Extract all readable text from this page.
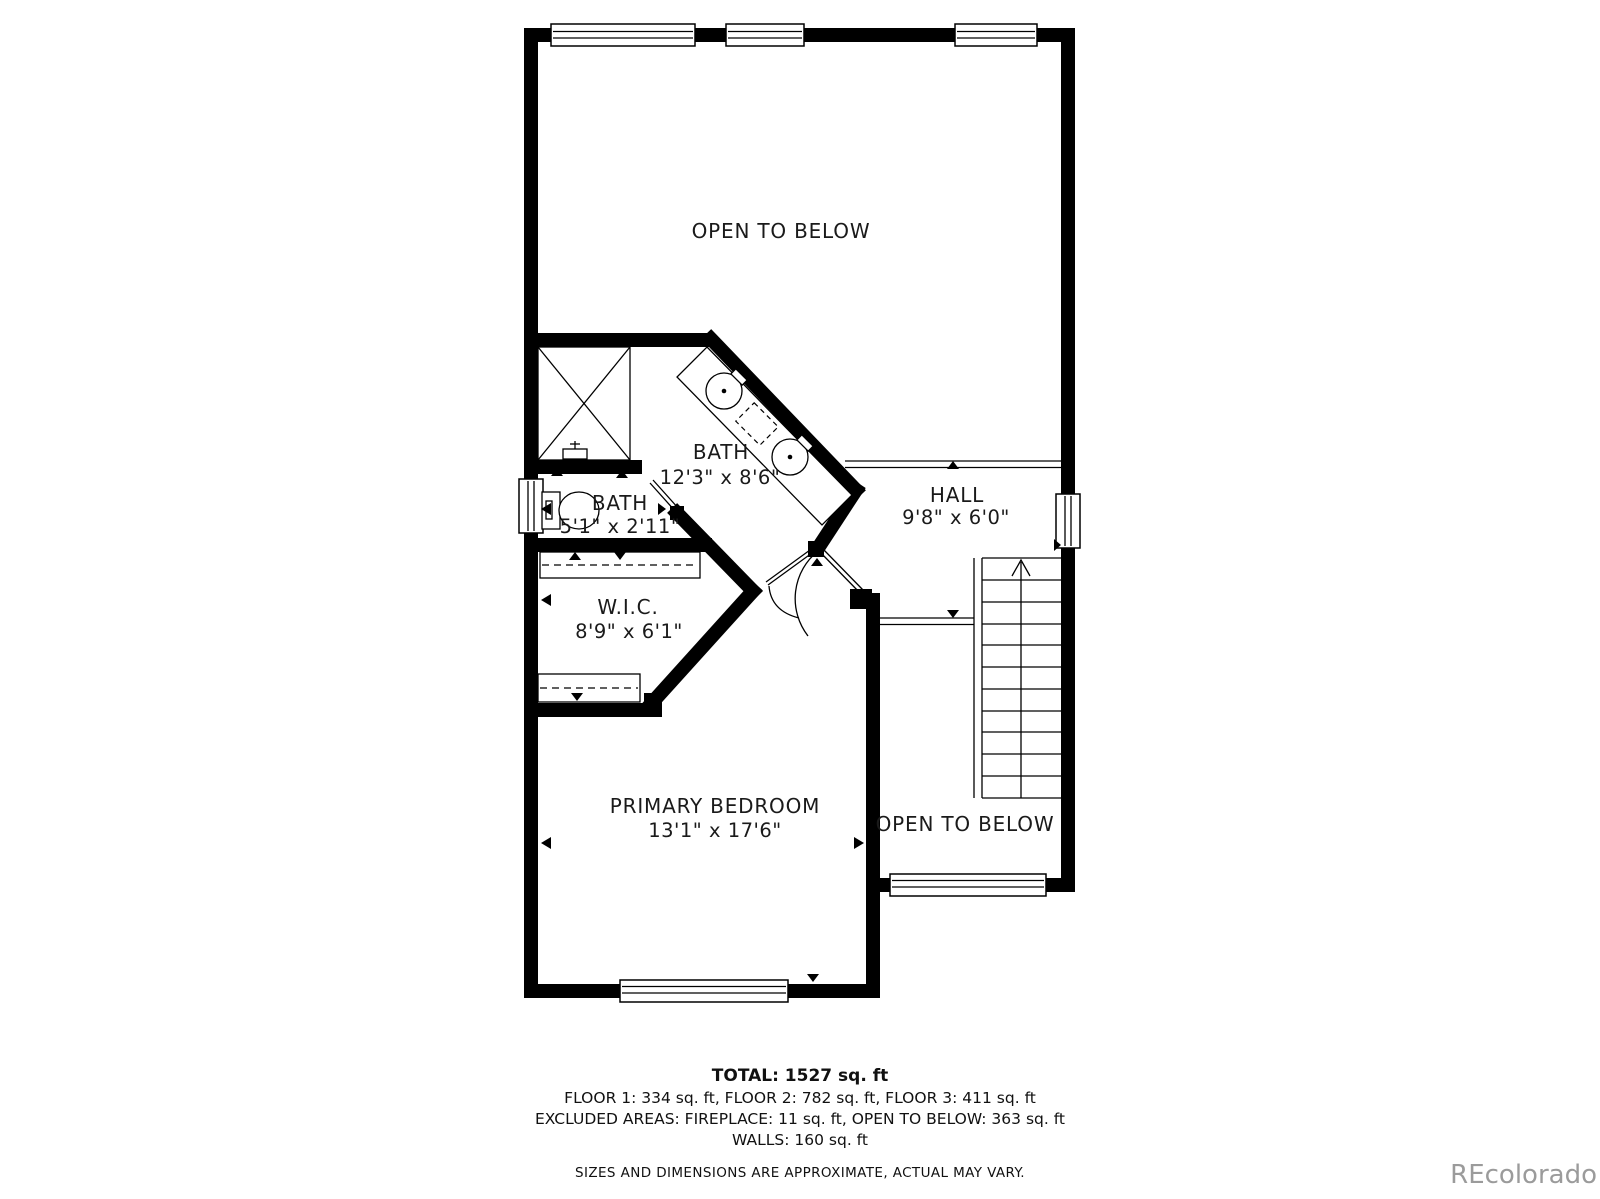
OPEN TO BELOW
BATH
12'3" x 8'6"
BATH
5'1" x 2'11"
HALL
9'8" x 6'0"
W.I.C.
8'9" x 6'1"
PRIMARY BEDROOM
13'1" x 17'6"	OPEN TO BELOW
TOTAL: 1527 sq. ft
FLOOR 1: 334 sq. ft, FLOOR 2: 782 sq. ft, FLOOR 3: 411 sq. ft
EXCLUDED AREAS: FIREPLACE: 11 sq. ft, OPEN TO BELOW: 363 sq. ft
WALLS: 160 sq. ft
SIZES AND DIMENSIONS ARE APPROXIMATE, ACTUAL MAY VARY.	REcolorado
